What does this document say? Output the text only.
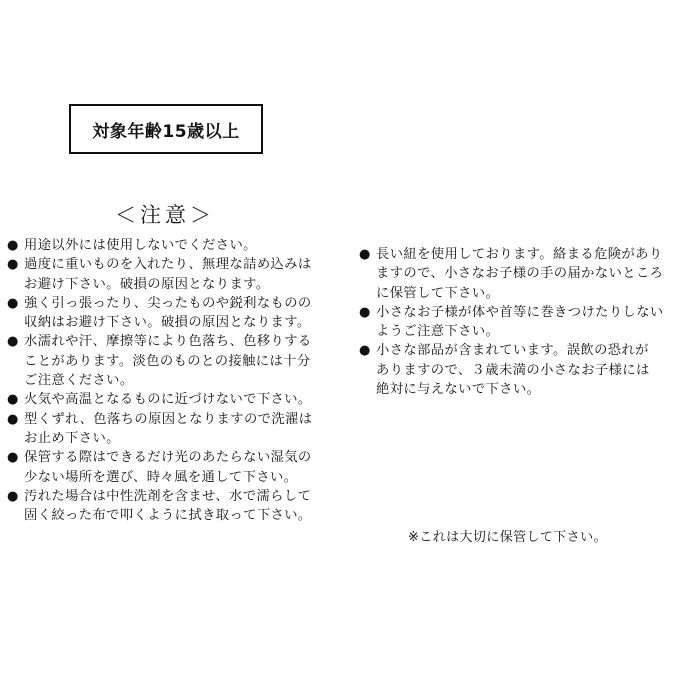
対象年齢15歳以上
＜注意＞
● 用途以外には使用しないでください。
● 過度に重いものを入れたり、無理な詰め込みは
お避け下さい。破損の原因となります。
● 強く引っ張ったり、尖ったものや鋭利なものの
収納はお避け下さい。破損の原因となります。
● 水濡れや汗、摩擦等により色落ち、色移りする
ことがあります。淡色のものとの接触には十分
ご注意ください。
● 火気や高温となるものに近づけないで下さい。
● 型くずれ、色落ちの原因となりますので洗濯は
お止め下さい。
● 保管する際はできるだけ光のあたらない湿気の
少ない場所を選び、時々風を通して下さい。
● 汚れた場合は中性洗剤を含ませ、水で濡らして
固く絞った布で叩くように拭き取って下さい。
● 長い紐を使用しております。絡まる危険があり
ますので、小さなお子様の手の届かないところ
に保管して下さい。
● 小さなお子様が体や首等に巻きつけたりしない
ようご注意下さい。
● 小さな部品が含まれています。誤飲の恐れが
ありますので、３歳未満の小さなお子様には
絶対に与えないで下さい。
※これは大切に保管して下さい。
